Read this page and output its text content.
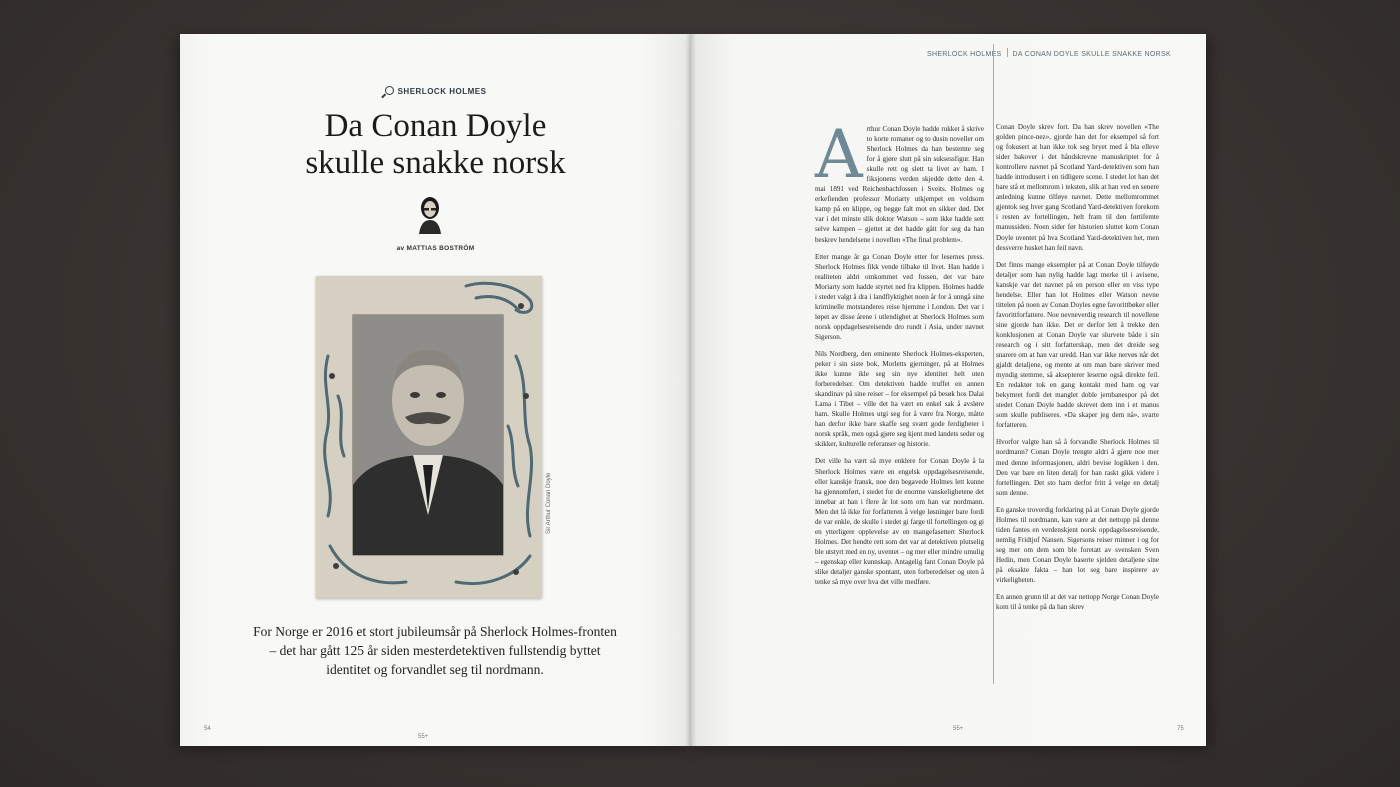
SHERLOCK HOLMES
Da Conan Doyle
skulle snakke norsk
av MATTIAS BOSTRÖM
Sir Arthur Conan Doyle
For Norge er 2016 et stort jubileumsår på Sherlock Holmes-fronten – det har gått 125 år siden mesterdetektiven fullstendig byttet identitet og forvandlet seg til nordmann.
54
55+
SHERLOCK HOLMES DA CONAN DOYLE SKULLE SNAKKE NORSK

Arthur Conan Doyle hadde rukket å skrive to korte romaner og to dusin noveller om Sherlock Holmes da han bestemte seg for å gjøre slutt på sin suksessfigur. Han skulle rett og slett ta livet av ham. I fiksjonens verden skjedde dette den 4. mai 1891 ved Reichenbachfossen i Sveits. Holmes og erkefienden professor Moriarty utkjempet en voldsom kamp på en klippe, og begge falt mot en sikker død. Det var i det minste slik doktor Watson – som ikke hadde sett selve kampen – gjettet at det hadde gått for seg da han beskrev hendelsene i novellen «The final problem».

Etter mange år ga Conan Doyle etter for lesernes press. Sherlock Holmes fikk vende tilbake til livet. Han hadde i realiteten aldri omkommet ved fossen, det var bare Moriarty som hadde styrtet ned fra klippen. Holmes hadde i stedet valgt å dra i landflyktighet noen år for å unngå sine kriminelle motstanderes reise hjemme i London. Det var i løpet av disse årene i utlendighet at Sherlock Holmes som norsk oppdagelsesreisende dro rundt i Asia, under navnet Sigerson.

Nils Nordberg, den eminente Sherlock Holmes-eksperten, peker i sin siste bok, Morletts gjerninger, på at Holmes ikke kunne ikle seg sin nye identitet helt uten forberedelser. Om detektiven hadde truffet en annen skandinav på sine reiser – for eksempel på besøk hos Dalai Lama i Tibet – ville det ha vært en enkel sak å avsløre ham. Skulle Holmes utgi seg for å være fra Norge, måtte han derfor ikke bare skaffe seg svært gode ferdigheter i norsk språk, men også gjøre seg kjent med landets seder og skikker, kulturelle referanser og historie.

Det ville ha vært så mye enklere for Conan Doyle å la Sherlock Holmes være en engelsk oppdagelsesreisende, eller kanskje fransk, noe den begavede Holmes lett kunne ha gjennomført, i stedet for de enorme vanskelighetene det innebar at han i flere år lot som om han var nordmann. Men det lå ikke for forfatteren å velge løsninger bare fordi de var enkle, de skulle i stedet gi farge til fortellingen og gi en ytterligere opplevelse av en mangefasettert Sherlock Holmes. Det hendte rett som det var at detektiven plutselig ble utstyrt med en ny, uventet – og mer eller mindre umulig – egenskap eller kunnskap. Antagelig fant Conan Doyle på slike detaljer ganske spontant, uten forberedelser og uten å tenke så mye over hva det ville medføre.

Conan Doyle skrev fort. Da han skrev novellen «The golden pince-nez», gjorde han det for eksempel så fort og fokusert at han ikke tok seg bryet med å bla elleve sider bakover i det håndskrevne manuskriptet for å kontrollere navnet på Scotland Yard-detektiven som han hadde introdusert i en tidligere scene. I stedet lot han det bare stå et mellomrom i teksten, slik at han ved en senere anledning kunne tilføye navnet. Dette mellomrommet gjentok seg hver gang Scotland Yard-detektiven forekom i resten av fortellingen, helt fram til den førtifemte manussiden. Noen sider før historien sluttet kom Conan Doyle uventet på hva Scotland Yard-detektiven het, men dessverre husket han feil navn.

Det finns mange eksempler på at Conan Doyle tilføyde detaljer som han nylig hadde lagt merke til i avisene, kanskje var det navnet på en person eller en viss type hendelse. Eller han lot Holmes eller Watson nevne tittelen på noen av Conan Doyles egne favorittbøker eller favorittforfattere. Noe nevneverdig research til novellene sine gjorde han ikke. Det er derfor lett å trekke den konklusjonen at Conan Doyle var slurvete både i sin research og i sitt forfatterskap, men det dreide seg snarere om at han var uredd. Han var ikke nervøs når det gjaldt detaljene, og mente at om man bare skriver med myndig stemme, så aksepterer leserne også direkte feil. En redaktør tok en gang kontakt med ham og var bekymret fordi det manglet doble jernbanespor på det stedet Conan Doyle hadde skrevet dem inn i et manus som skulle publiseres. «Da skaper jeg dem nå», svarte forfatteren.

Hvorfor valgte han så å forvandle Sherlock Holmes til nordmann? Conan Doyle trengte aldri å gjøre noe mer med denne informasjonen, aldri bevise logikken i den. Den var bare en liten detalj for han raskt gikk videre i fortellingen. Det sto ham derfor fritt å velge en detalj som denne.

En ganske troverdig forklaring på at Conan Doyle gjorde Holmes til nordmann, kan være at det nettopp på denne tiden fantes en verdenskjent norsk oppdagelsesreisende, nemlig Fridtjof Nansen. Sigersons reiser minner i og for seg mer om dem som ble foretatt av svensken Sven Hedin, men Conan Doyle baserte sjelden detaljene sine på eksakte fakta – han lot seg bare inspirere av virkeligheten.

En annen grunn til at det var nettopp Norge Conan Doyle kom til å tenke på da han skrev

55+	75
